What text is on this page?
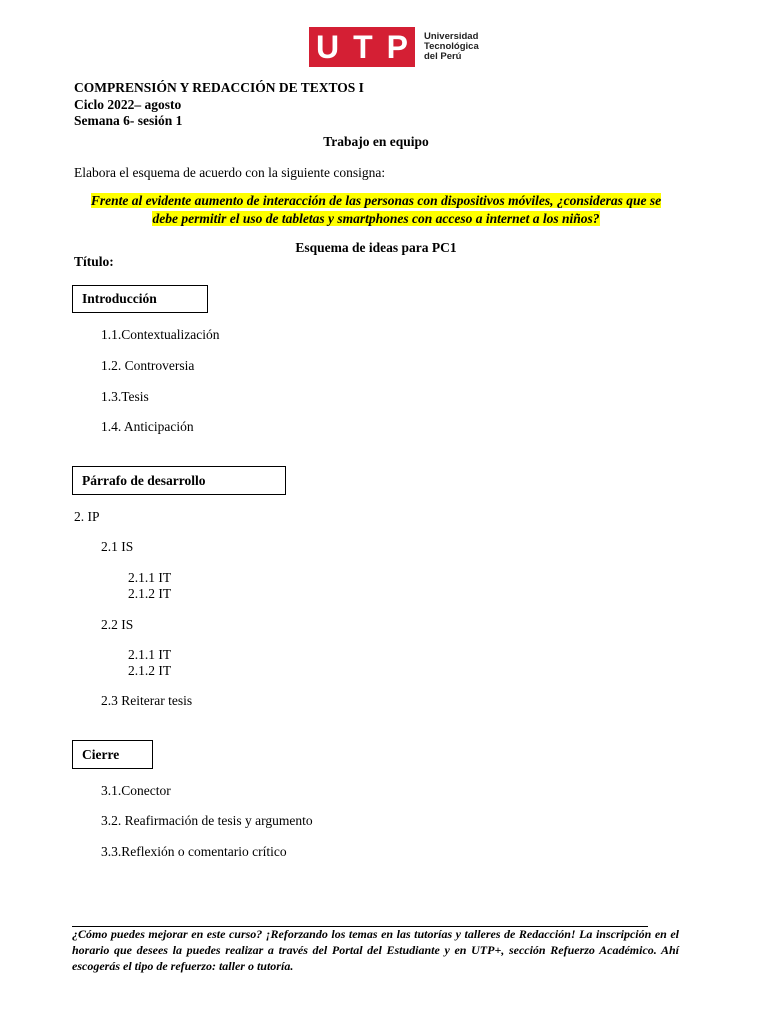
U T P Universidad
Tecnológica
del Perú
COMPRENSIÓN Y REDACCIÓN DE TEXTOS I
Ciclo 2022– agosto
Semana 6- sesión 1
Trabajo en equipo
Elabora el esquema de acuerdo con la siguiente consigna:
Frente al evidente aumento de interacción de las personas con dispositivos móviles, ¿consideras que se
debe permitir el uso de tabletas y smartphones con acceso a internet a los niños?
Esquema de ideas para PC1
Título:
Introducción
1.1.Contextualización
1.2. Controversia
1.3.Tesis
1.4. Anticipación
Párrafo de desarrollo
2. IP
2.1 IS
2.1.1 IT
2.1.2 IT
2.2 IS
2.1.1 IT
2.1.2 IT
2.3 Reiterar tesis
Cierre
3.1.Conector
3.2. Reafirmación de tesis y argumento
3.3.Reflexión o comentario crítico
¿Cómo puedes mejorar en este curso? ¡Reforzando los temas en las tutorías y talleres de Redacción! La inscripción en el horario que desees la puedes realizar a través del Portal del Estudiante y en UTP+, sección Refuerzo Académico. Ahí escogerás el tipo de refuerzo: taller o tutoría.
